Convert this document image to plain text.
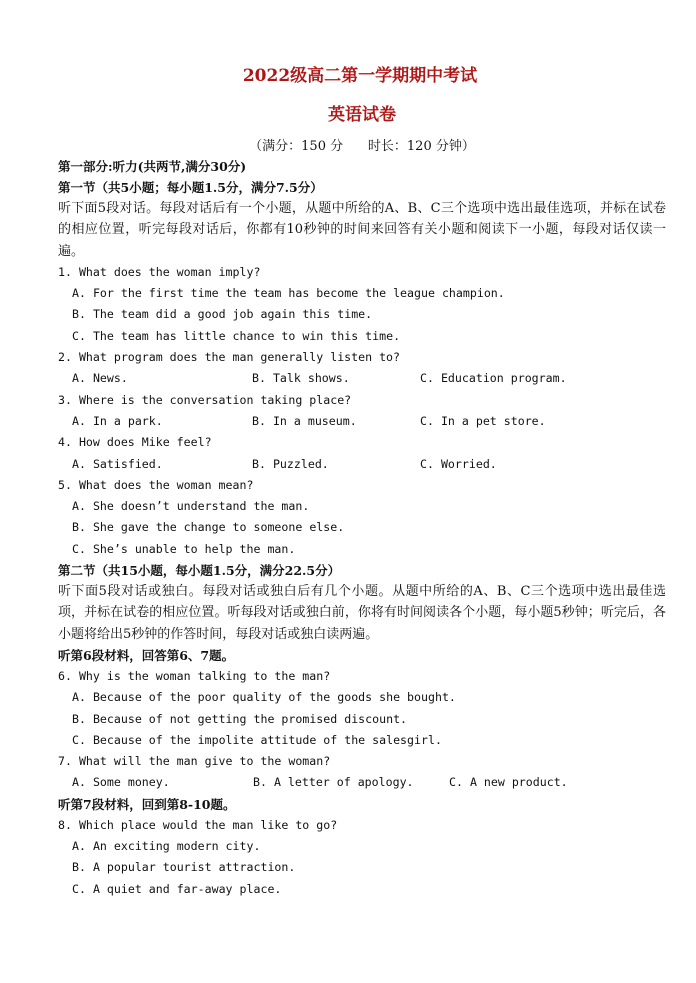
2022级高二第一学期期中考试
英语试卷
（满分：150 分      时长：120 分钟）
第一部分:听力(共两节,满分30分)
第一节（共5小题；每小题1.5分，满分7.5分）
听下面5段对话。每段对话后有一个小题，从题中所给的A、B、C三个选项中选出最佳选项，并标在试卷的相应位置，听完每段对话后，你都有10秒钟的时间来回答有关小题和阅读下一小题，每段对话仅读一遍。
1. What does the woman imply?
A. For the first time the team has become the league champion.
B. The team did a good job again this time.
C. The team has little chance to win this time.
2. What program does the man generally listen to?
A. News.	B. Talk shows.	C. Education program.
3. Where is the conversation taking place?
A. In a park.	B. In a museum.	C. In a pet store.
4. How does Mike feel?
A. Satisfied.	B. Puzzled.	C. Worried.
5. What does the woman mean?
A. She doesn’t understand the man.
B. She gave the change to someone else.
C. She’s unable to help the man.
第二节（共15小题，每小题1.5分，满分22.5分）
听下面5段对话或独白。每段对话或独白后有几个小题。从题中所给的A、B、C三个选项中选出最佳选项，并标在试卷的相应位置。听每段对话或独白前，你将有时间阅读各个小题，每小题5秒钟；听完后，各小题将给出5秒钟的作答时间，每段对话或独白读两遍。
听第6段材料，回答第6、7题。
6. Why is the woman talking to the man?
A. Because of the poor quality of the goods she bought.
B. Because of not getting the promised discount.
C. Because of the impolite attitude of the salesgirl.
7. What will the man give to the woman?
A. Some money.	B. A letter of apology.	C. A new product.
听第7段材料，回到第8-10题。
8. Which place would the man like to go?
A. An exciting modern city.
B. A popular tourist attraction.
C. A quiet and far-away place.
